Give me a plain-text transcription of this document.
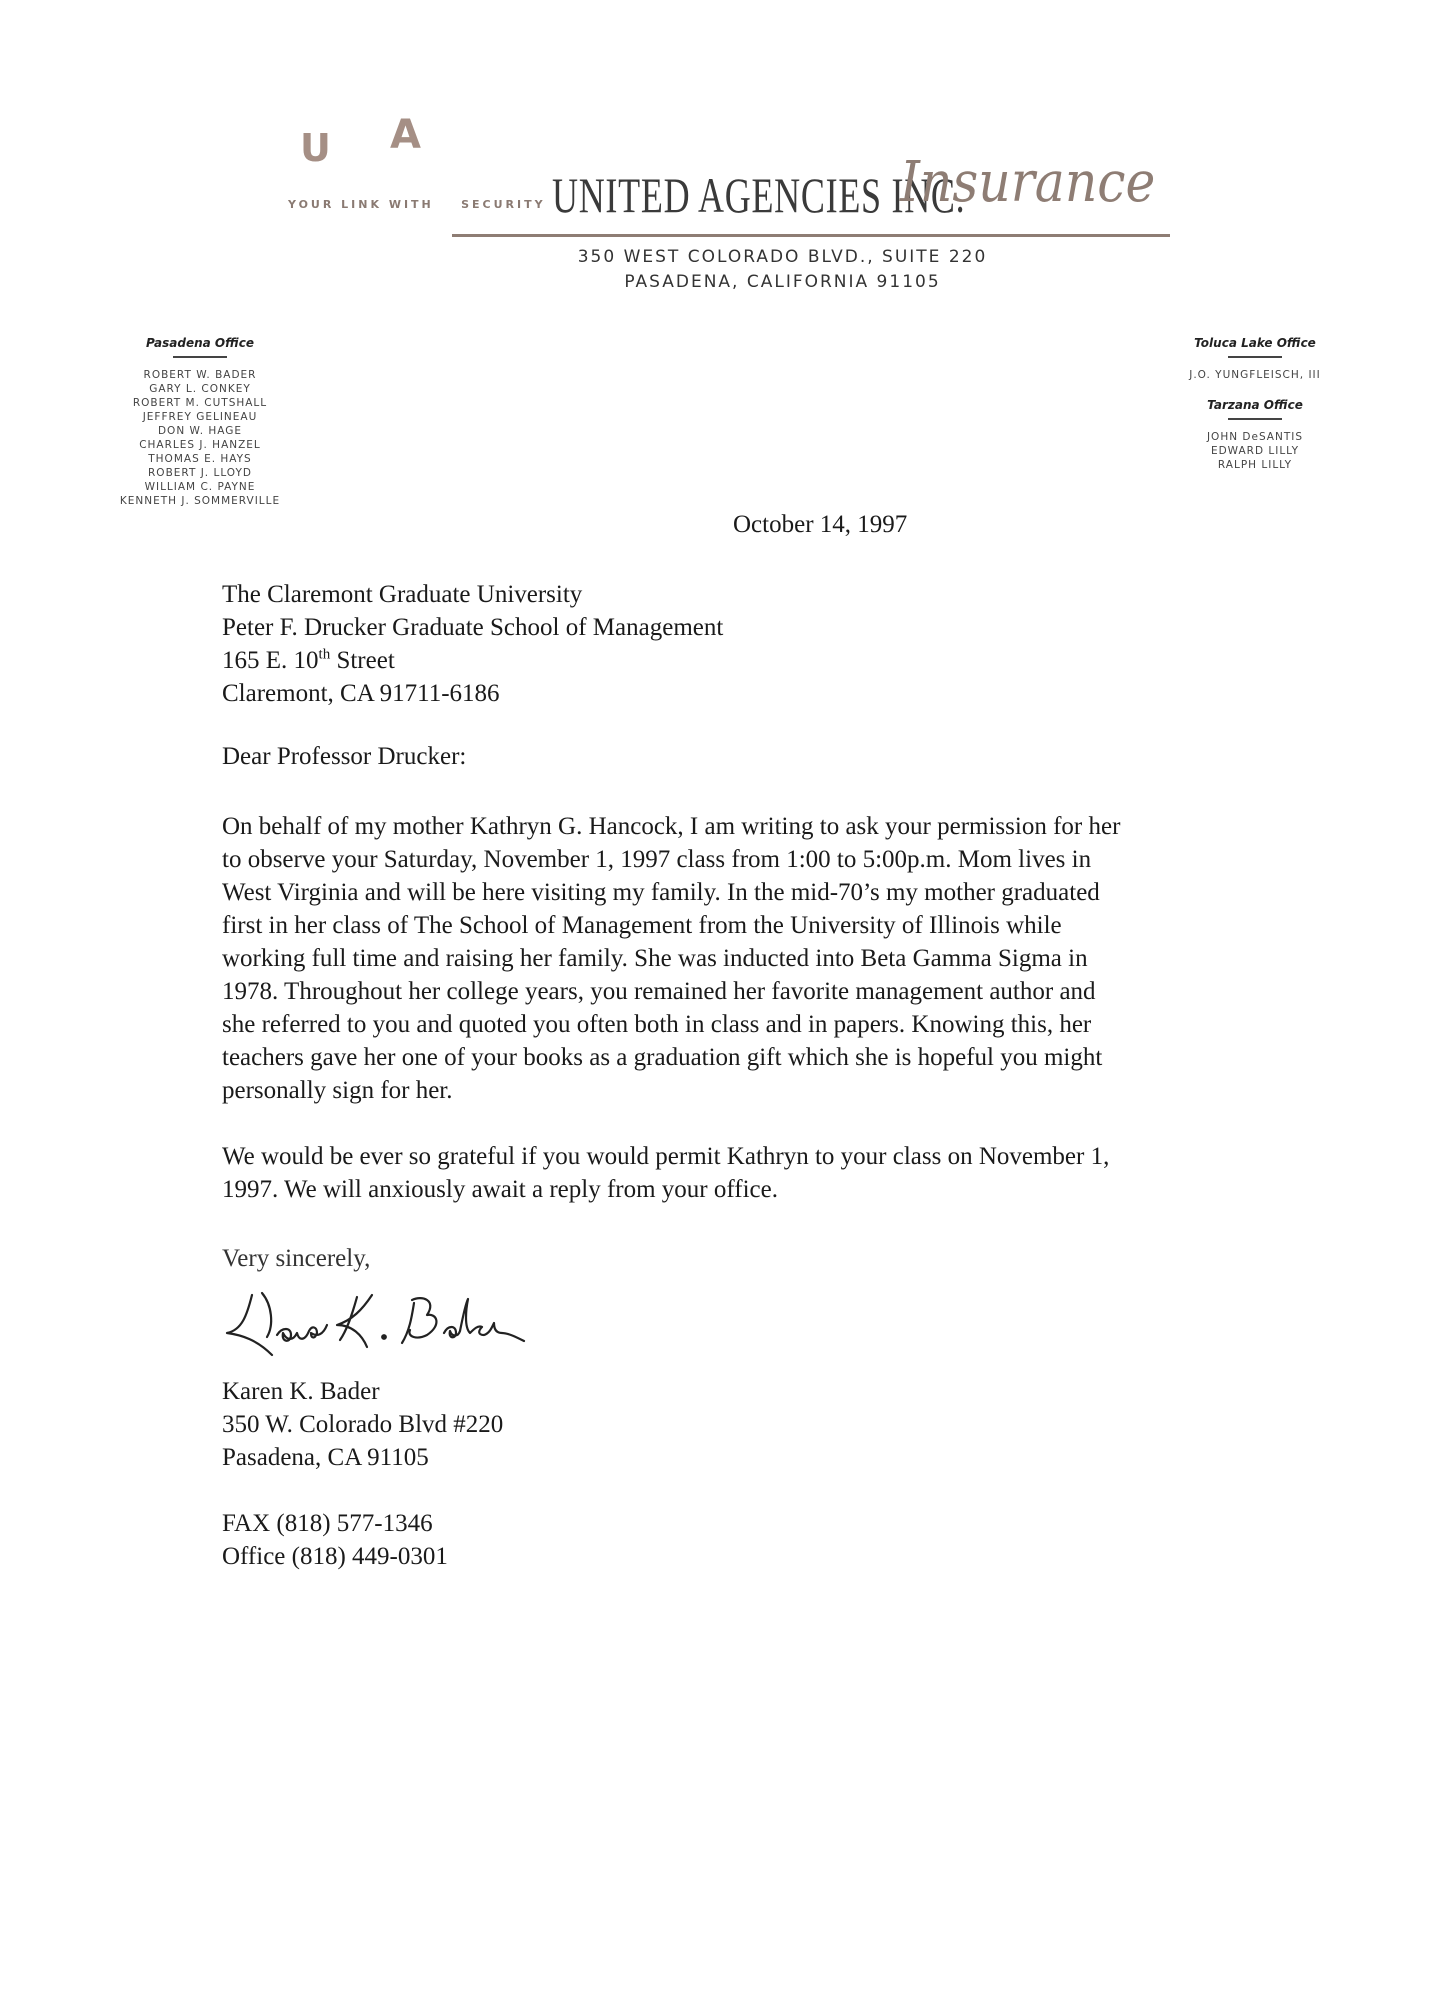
U A
YOUR LINK WITH    SECURITY UNITED AGENCIES INC.
Insurance
350 WEST COLORADO BLVD., SUITE 220
PASADENA, CALIFORNIA 91105
Pasadena Office
ROBERT W. BADER
GARY L. CONKEY
ROBERT M. CUTSHALL
JEFFREY GELINEAU
DON W. HAGE
CHARLES J. HANZEL
THOMAS E. HAYS
ROBERT J. LLOYD
WILLIAM C. PAYNE
KENNETH J. SOMMERVILLE
Toluca Lake Office
J.O. YUNGFLEISCH, III
Tarzana Office
JOHN DeSANTIS
EDWARD LILLY
RALPH LILLY
October 14, 1997
The Claremont Graduate University
Peter F. Drucker Graduate School of Management
165 E. 10th Street
Claremont, CA 91711-6186
Dear Professor Drucker:
On behalf of my mother Kathryn G. Hancock, I am writing to ask your permission for her
to observe your Saturday, November 1, 1997 class from 1:00 to 5:00p.m. Mom lives in
West Virginia and will be here visiting my family. In the mid-70’s my mother graduated
first in her class of The School of Management from the University of Illinois while
working full time and raising her family. She was inducted into Beta Gamma Sigma in
1978. Throughout her college years, you remained her favorite management author and
she referred to you and quoted you often both in class and in papers. Knowing this, her
teachers gave her one of your books as a graduation gift which she is hopeful you might
personally sign for her.
We would be ever so grateful if you would permit Kathryn to your class on November 1,
1997. We will anxiously await a reply from your office.
Very sincerely,
Karen K. Bader
350 W. Colorado Blvd #220
Pasadena, CA 91105
FAX (818) 577-1346
Office (818) 449-0301
